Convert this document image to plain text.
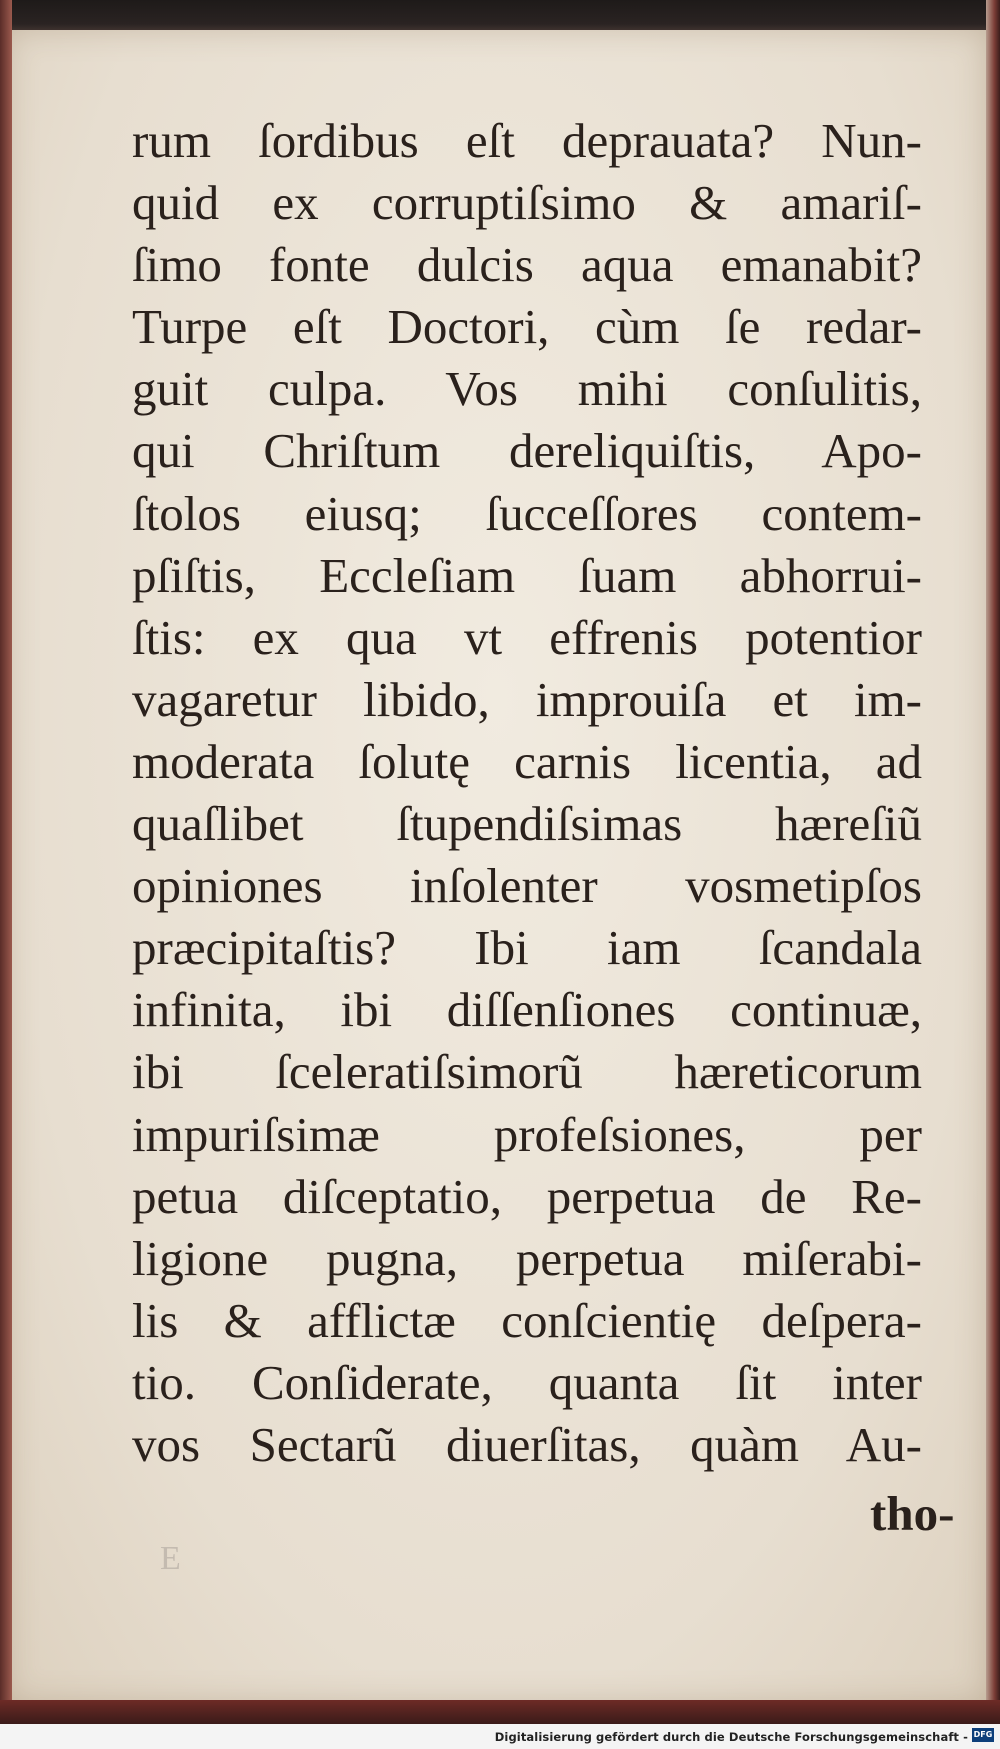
rum ſordibus eſt deprauata? Nun-
quid ex corruptiſsimo & amariſ-
ſimo fonte dulcis aqua emanabit?
Turpe eſt Doctori, cùm ſe redar-
guit culpa. Vos mihi conſulitis,
qui Chriſtum dereliquiſtis, Apo-
ſtolos eiusq; ſucceſſores contem-
pſiſtis, Eccleſiam ſuam abhorrui-
ſtis: ex qua vt effrenis potentior
vagaretur libido, improuiſa et im-
moderata ſolutę carnis licentia, ad
quaſlibet ſtupendiſsimas hæreſiũ
opiniones inſolenter vosmetipſos
præcipitaſtis? Ibi iam ſcandala
infinita, ibi diſſenſiones continuæ,
ibi ſceleratiſsimorũ hæreticorum
impuriſsimæ profeſsiones, per
petua diſceptatio, perpetua de Re-
ligione pugna, perpetua miſerabi-
lis & afflictæ conſcientię deſpera-
tio. Conſiderate, quanta ſit inter
vos Sectarũ diuerſitas, quàm Au-
tho-
E
Digitalisierung gefördert durch die Deutsche Forschungsgemeinschaft - DFG
